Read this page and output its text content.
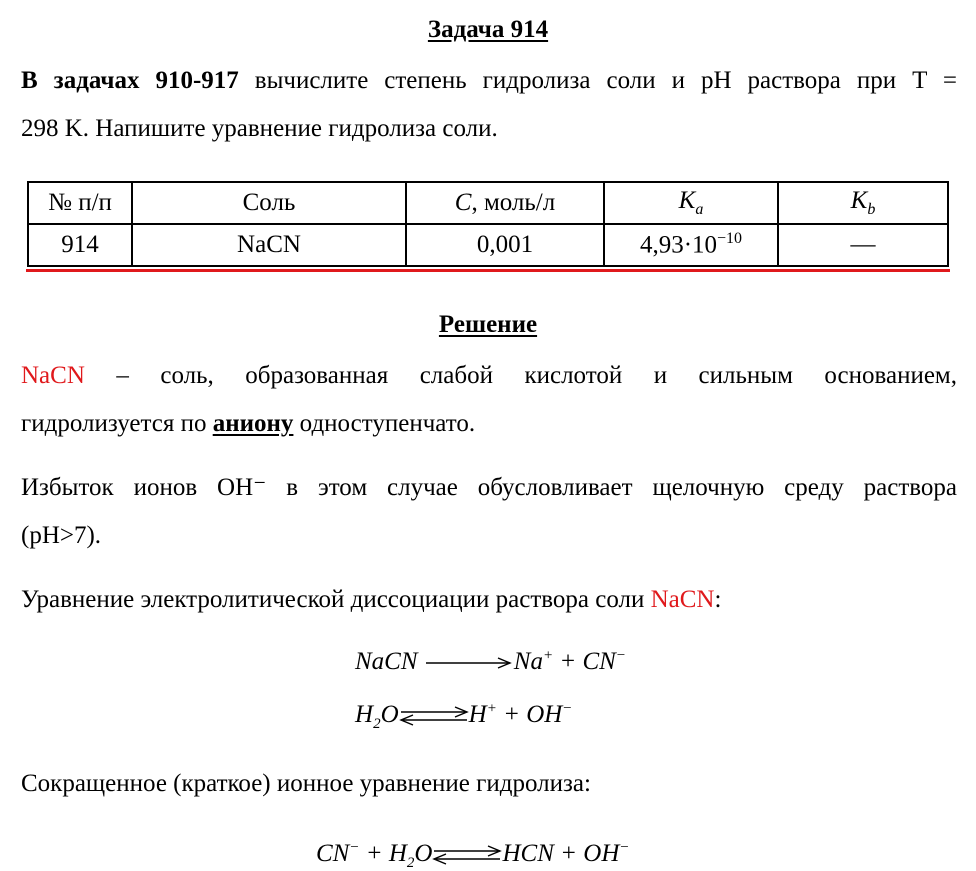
Задача 914
В задачах 910-917 вычислите степень гидролиза соли и pH раствора при T =
298 K. Напишите уравнение гидролиза соли.
№ п/п	Соль	C, моль/л	$K_a$	$K_b$
914	NaCN	0,001	$4,93\cdot 10^{-10}$	—
Решение
NaCN – соль, образованная слабой кислотой и сильным основанием,
гидролизуется по аниону одноступенчато.
Избыток ионов OH⁻ в этом случае обусловливает щелочную среду раствора
(pH>7).
Уравнение электролитической диссоциации раствора соли NaCN:
NaCN	Na+ + CN−
$H_2O\rightleftharpoons H^+ + OH^-$
Сокращенное (краткое) ионное уравнение гидролиза:
$CN^- + H_2O\rightleftharpoons HCN + OH^-$
